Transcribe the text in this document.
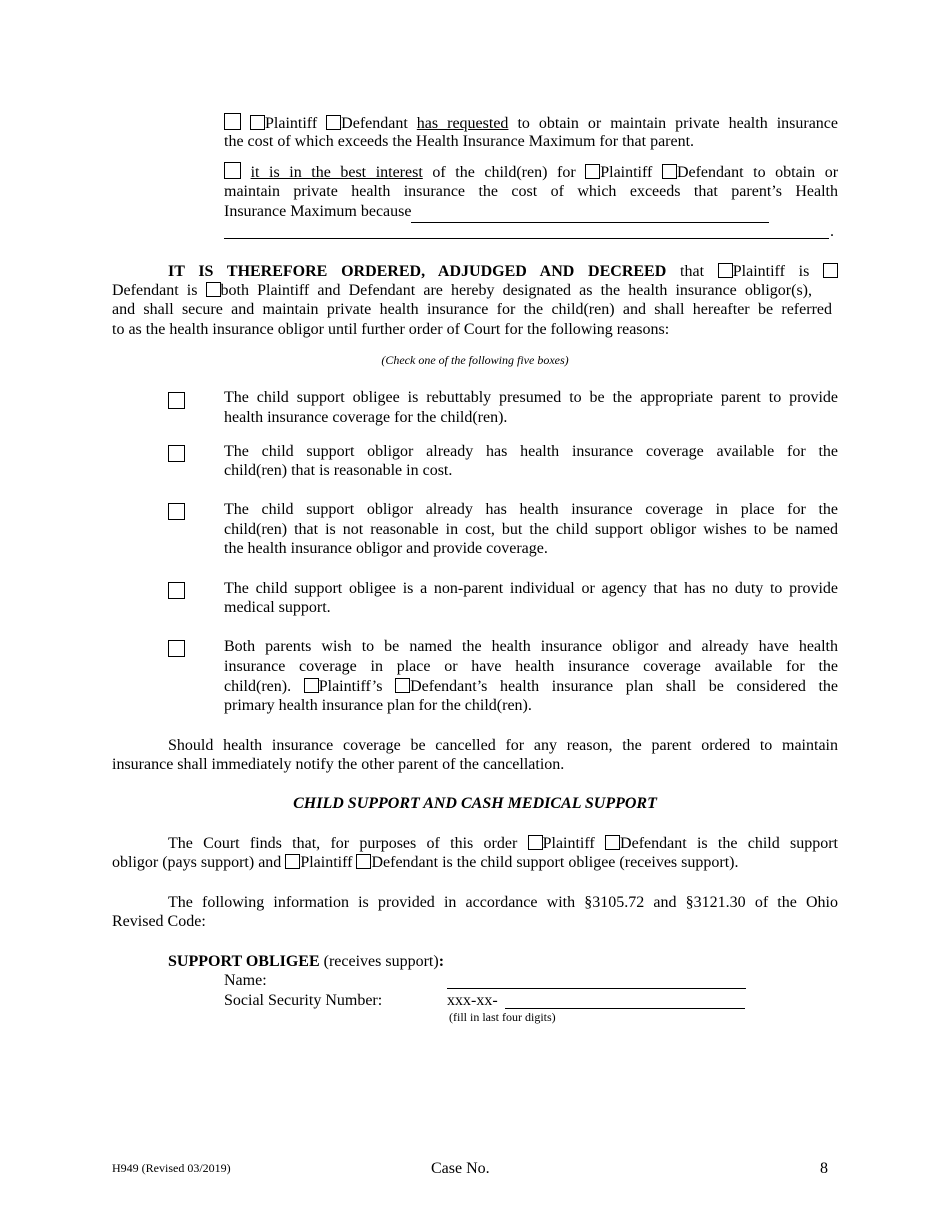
Plaintiff Defendant has requested to obtain or maintain private health insurance
the cost of which exceeds the Health Insurance Maximum for that parent.
it is in the best interest of the child(ren) for Plaintiff Defendant to obtain or
maintain private health insurance the cost of which exceeds that parent’s Health
Insurance Maximum because
.
IT IS THEREFORE ORDERED, ADJUDGED AND DECREED that Plaintiff is
Defendant is both Plaintiff and Defendant are hereby designated as the health insurance obligor(s),
and shall secure and maintain private health insurance for the child(ren) and shall hereafter be referred
to as the health insurance obligor until further order of Court for the following reasons:
(Check one of the following five boxes)
The child support obligee is rebuttably presumed to be the appropriate parent to provide
health insurance coverage for the child(ren).
The child support obligor already has health insurance coverage available for the
child(ren) that is reasonable in cost.
The child support obligor already has health insurance coverage in place for the
child(ren) that is not reasonable in cost, but the child support obligor wishes to be named
the health insurance obligor and provide coverage.
The child support obligee is a non-parent individual or agency that has no duty to provide
medical support.
Both parents wish to be named the health insurance obligor and already have health
insurance coverage in place or have health insurance coverage available for the
child(ren). Plaintiff’s Defendant’s health insurance plan shall be considered the
primary health insurance plan for the child(ren).
Should health insurance coverage be cancelled for any reason, the parent ordered to maintain
insurance shall immediately notify the other parent of the cancellation.
CHILD SUPPORT AND CASH MEDICAL SUPPORT
The Court finds that, for purposes of this order Plaintiff Defendant is the child support
obligor (pays support) and Plaintiff Defendant is the child support obligee (receives support).
The following information is provided in accordance with §3105.72 and §3121.30 of the Ohio
Revised Code:
SUPPORT OBLIGEE (receives support):
Name:
Social Security Number:	xxx-xx-
(fill in last four digits)
H949 (Revised 03/2019)	Case No.	8
